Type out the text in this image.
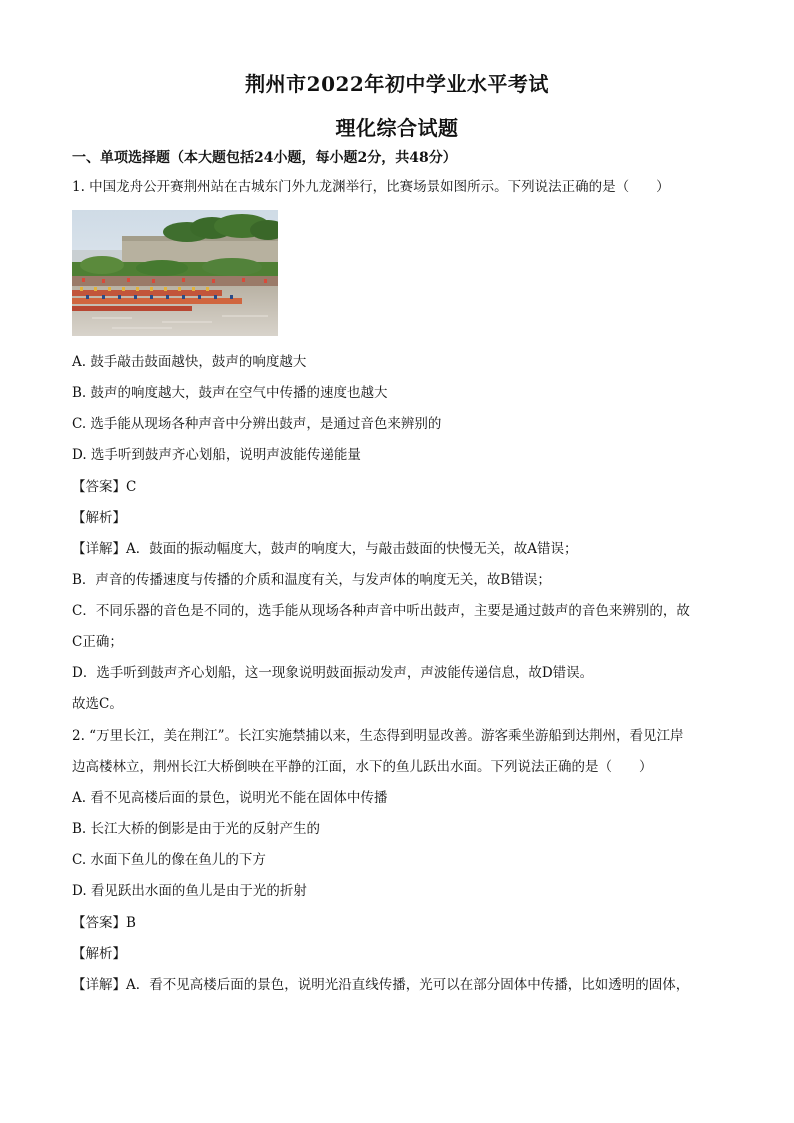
荆州市2022年初中学业水平考试
理化综合试题
一、单项选择题（本大题包括24小题，每小题2分，共48分）
1. 中国龙舟公开赛荆州站在古城东门外九龙渊举行，比赛场景如图所示。下列说法正确的是（　　）
A. 鼓手敲击鼓面越快，鼓声的响度越大
B. 鼓声的响度越大，鼓声在空气中传播的速度也越大
C. 选手能从现场各种声音中分辨出鼓声，是通过音色来辨别的
D. 选手听到鼓声齐心划船，说明声波能传递能量
【答案】C
【解析】
【详解】A．鼓面的振动幅度大，鼓声的响度大，与敲击鼓面的快慢无关，故A错误；
B．声音的传播速度与传播的介质和温度有关，与发声体的响度无关，故B错误；
C．不同乐器的音色是不同的，选手能从现场各种声音中听出鼓声，主要是通过鼓声的音色来辨别的，故
C正确；
D．选手听到鼓声齐心划船，这一现象说明鼓面振动发声，声波能传递信息，故D错误。
故选C。
2. “万里长江，美在荆江”。长江实施禁捕以来，生态得到明显改善。游客乘坐游船到达荆州，看见江岸
边高楼林立，荆州长江大桥倒映在平静的江面，水下的鱼儿跃出水面。下列说法正确的是（　　）
A. 看不见高楼后面的景色，说明光不能在固体中传播
B. 长江大桥的倒影是由于光的反射产生的
C. 水面下鱼儿的像在鱼儿的下方
D. 看见跃出水面的鱼儿是由于光的折射
【答案】B
【解析】
【详解】A．看不见高楼后面的景色，说明光沿直线传播，光可以在部分固体中传播，比如透明的固体，
